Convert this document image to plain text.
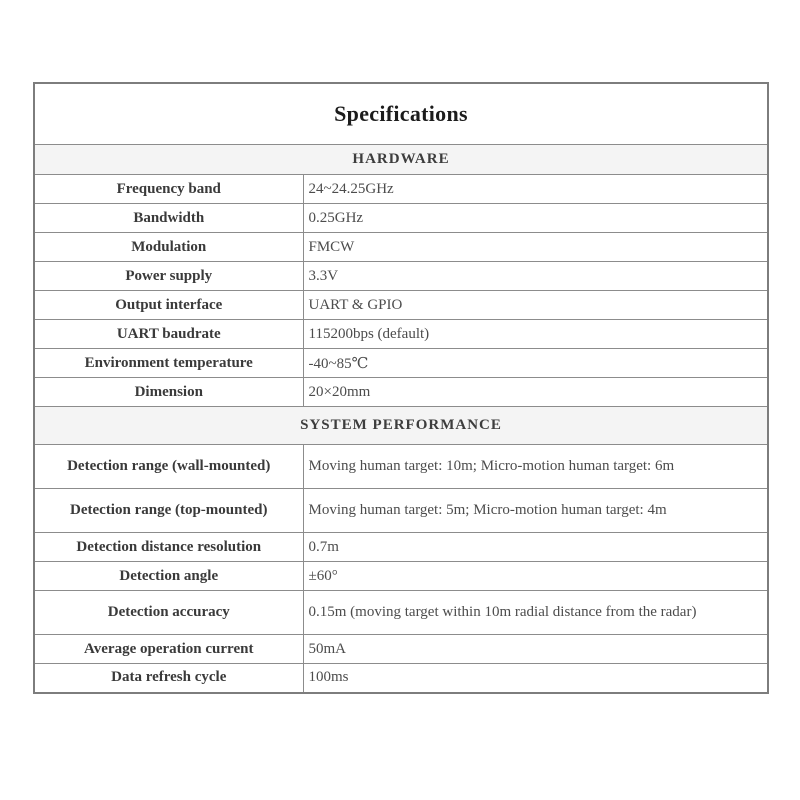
Specifications	
HARDWARE	
Frequency band	24~24.25GHz
Bandwidth	0.25GHz
Modulation	FMCW
Power supply	3.3V
Output interface	UART & GPIO
UART baudrate	115200bps (default)
Environment temperature	-40~85℃
Dimension	20×20mm
SYSTEM PERFORMANCE	
Detection range (wall-mounted)	Moving human target: 10m; Micro-motion human target: 6m
Detection range (top-mounted)	Moving human target: 5m; Micro-motion human target: 4m
Detection distance resolution	0.7m
Detection angle	±60°
Detection accuracy	0.15m (moving target within 10m radial distance from the radar)
Average operation current	50mA
Data refresh cycle	100ms
